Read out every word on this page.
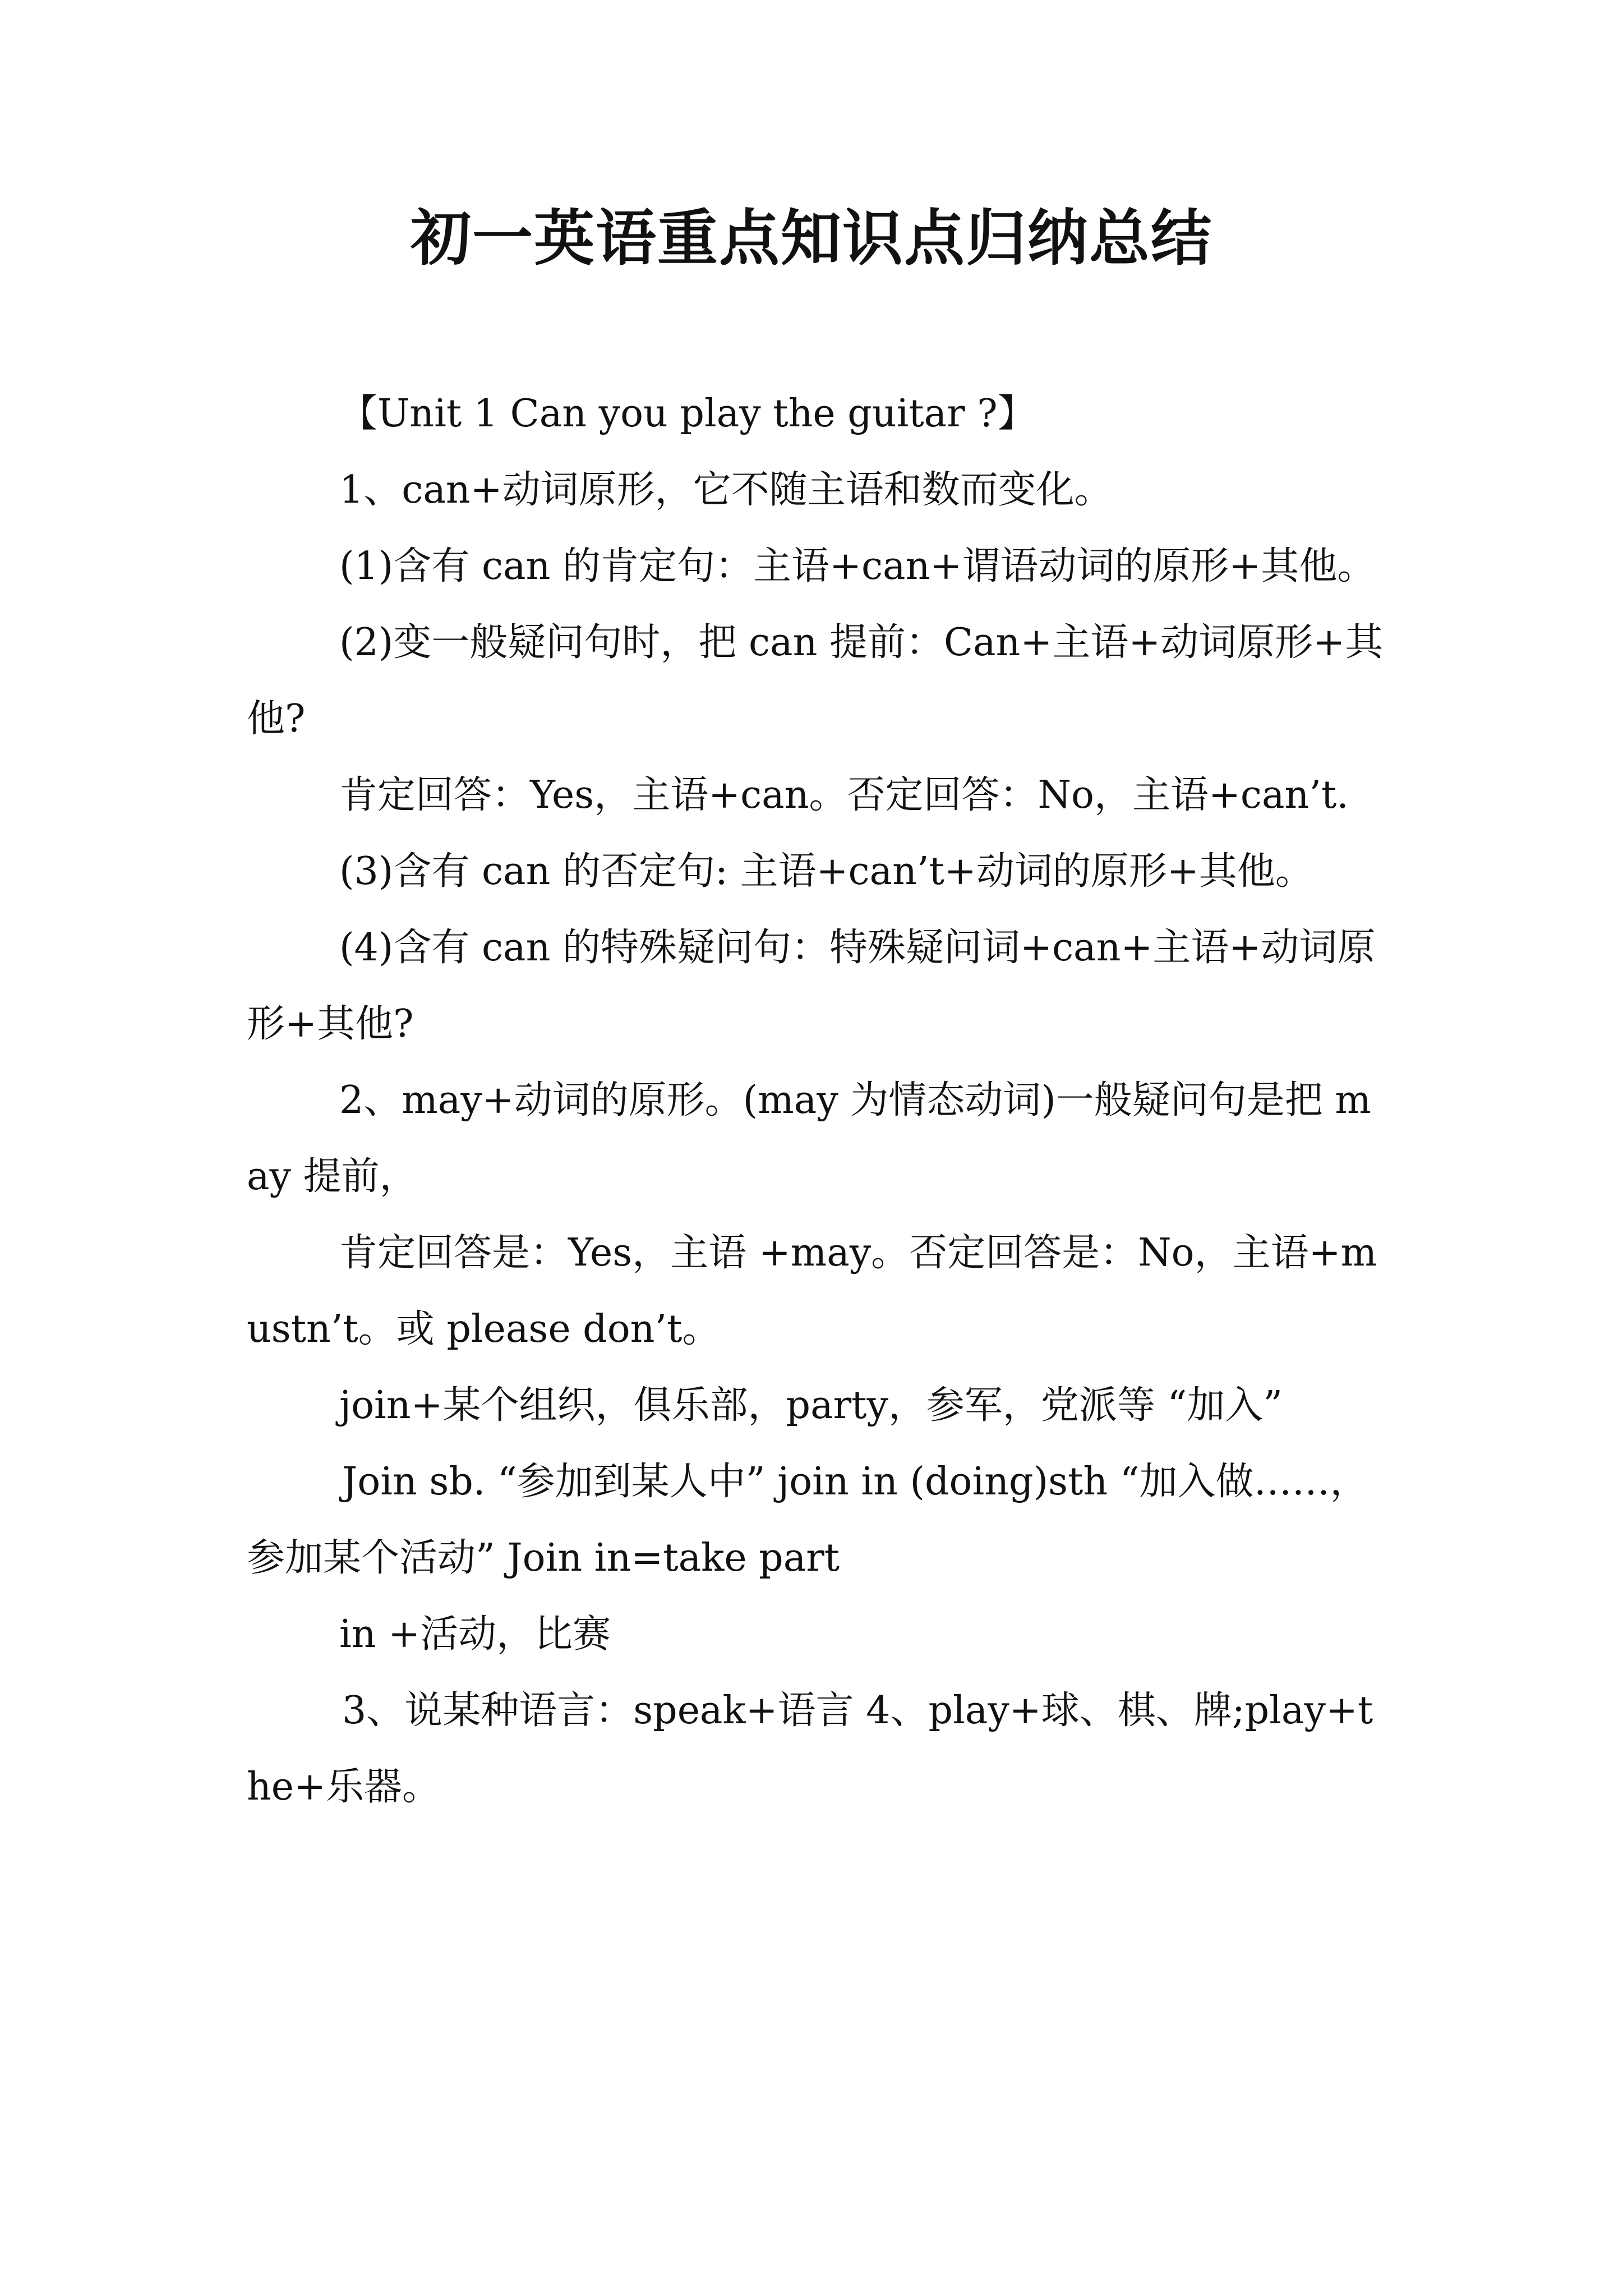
初一英语重点知识点归纳总结

【Unit 1 Can you play the guitar ?】

1、can+动词原形，它不随主语和数而变化。

(1)含有 can 的肯定句：主语+can+谓语动词的原形+其他。

(2)变一般疑问句时，把 can 提前：Can+主语+动词原形+其他?

肯定回答：Yes，主语+can。否定回答：No，主语+can’t.

(3)含有 can 的否定句: 主语+can’t+动词的原形+其他。

(4)含有 can 的特殊疑问句：特殊疑问词+can+主语+动词原形+其他?

2、may+动词的原形。(may 为情态动词)一般疑问句是把 may 提前，

肯定回答是：Yes，主语 +may。否定回答是：No，主语+mustn’t。或 please don’t。

join+某个组织，俱乐部，party，参军，党派等 “加入”

Join sb. “参加到某人中” join in (doing)sth “加入做……，参加某个活动” Join in=take part

in +活动，比赛

3、说某种语言：speak+语言 4、play+球、棋、牌;play+the+乐器。
